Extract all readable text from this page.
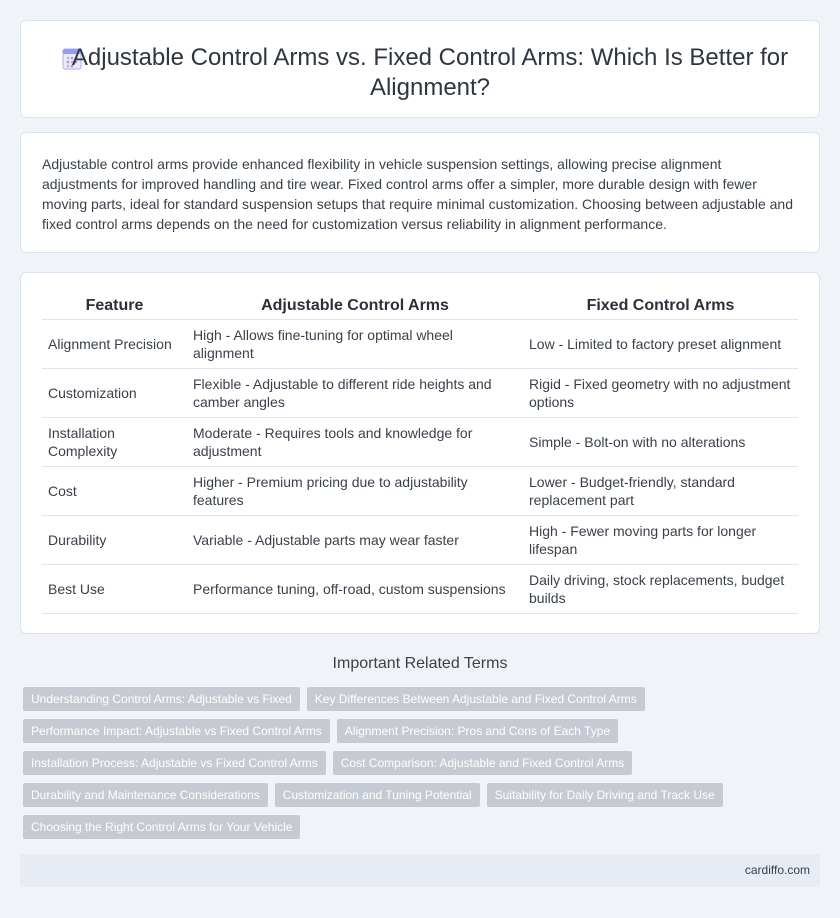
Adjustable Control Arms vs. Fixed Control Arms: Which Is Better for Alignment?

Adjustable control arms provide enhanced flexibility in vehicle suspension settings, allowing precise alignment adjustments for improved handling and tire wear. Fixed control arms offer a simpler, more durable design with fewer moving parts, ideal for standard suspension setups that require minimal customization. Choosing between adjustable and fixed control arms depends on the need for customization versus reliability in alignment performance.

Feature	Adjustable Control Arms	Fixed Control Arms
Alignment Precision	High - Allows fine-tuning for optimal wheel alignment	Low - Limited to factory preset alignment
Customization	Flexible - Adjustable to different ride heights and camber angles	Rigid - Fixed geometry with no adjustment options
Installation Complexity	Moderate - Requires tools and knowledge for adjustment	Simple - Bolt-on with no alterations
Cost	Higher - Premium pricing due to adjustability features	Lower - Budget-friendly, standard replacement part
Durability	Variable - Adjustable parts may wear faster	High - Fewer moving parts for longer lifespan
Best Use	Performance tuning, off-road, custom suspensions	Daily driving, stock replacements, budget builds
Important Related Terms
Understanding Control Arms: Adjustable vs Fixed	Key Differences Between Adjustable and Fixed Control Arms
Performance Impact: Adjustable vs Fixed Control Arms	Alignment Precision: Pros and Cons of Each Type
Installation Process: Adjustable vs Fixed Control Arms	Cost Comparison: Adjustable and Fixed Control Arms
Durability and Maintenance Considerations	Customization and Tuning Potential	Suitability for Daily Driving and Track Use
Choosing the Right Control Arms for Your Vehicle
cardiffo.com
